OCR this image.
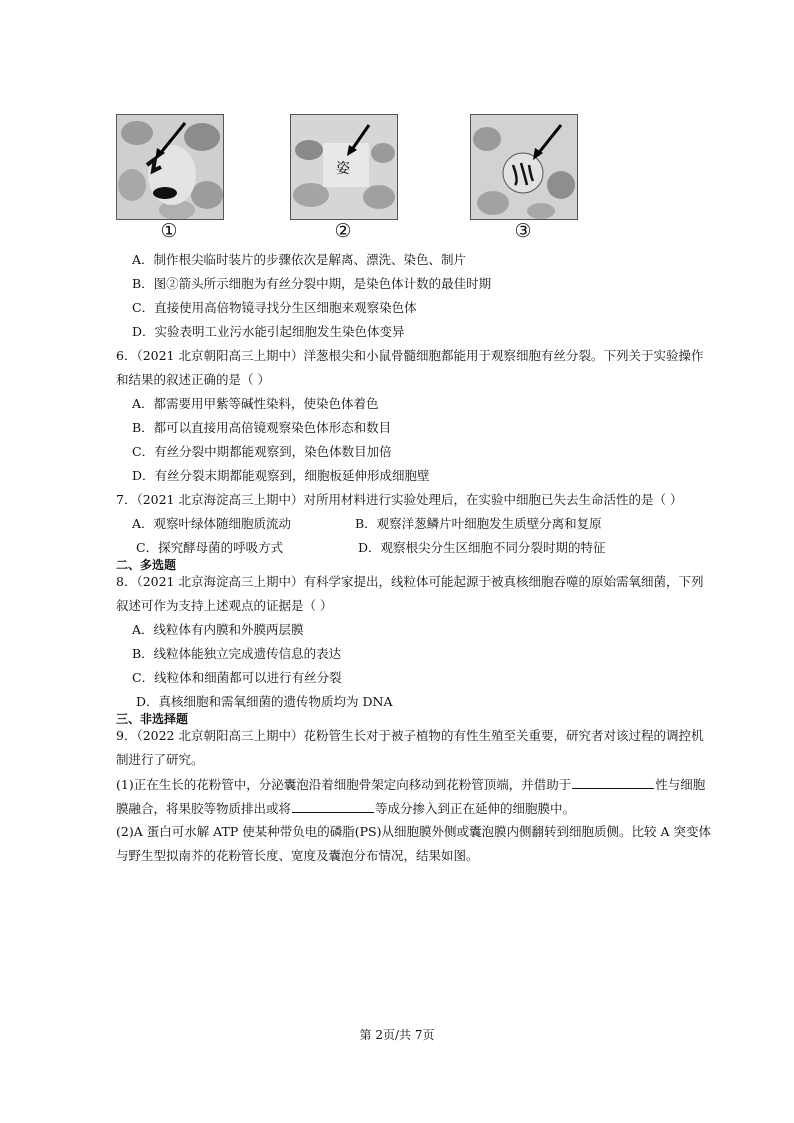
①
姿
②	③
A．制作根尖临时装片的步骤依次是解离、漂洗、染色、制片
B．图②箭头所示细胞为有丝分裂中期，是染色体计数的最佳时期
C．直接使用高倍物镜寻找分生区细胞来观察染色体
D．实验表明工业污水能引起细胞发生染色体变异
6．（2021 北京朝阳高三上期中）洋葱根尖和小鼠骨髓细胞都能用于观察细胞有丝分裂。下列关于实验操作
和结果的叙述正确的是（ ）
A．都需要用甲紫等碱性染料，使染色体着色
B．都可以直接用高倍镜观察染色体形态和数目
C．有丝分裂中期都能观察到，染色体数目加倍
D．有丝分裂末期都能观察到，细胞板延伸形成细胞壁
7．（2021 北京海淀高三上期中）对所用材料进行实验处理后，在实验中细胞已失去生命活性的是（ ）
A．观察叶绿体随细胞质流动	B．观察洋葱鳞片叶细胞发生质壁分离和复原
C．探究酵母菌的呼吸方式	D．观察根尖分生区细胞不同分裂时期的特征
二、多选题
8．（2021 北京海淀高三上期中）有科学家提出，线粒体可能起源于被真核细胞吞噬的原始需氧细菌，下列
叙述可作为支持上述观点的证据是（ ）
A．线粒体有内膜和外膜两层膜
B．线粒体能独立完成遗传信息的表达
C．线粒体和细菌都可以进行有丝分裂
D．真核细胞和需氧细菌的遗传物质均为 DNA
三、非选择题
9．（2022 北京朝阳高三上期中）花粉管生长对于被子植物的有性生殖至关重要，研究者对该过程的调控机
制进行了研究。
(1)正在生长的花粉管中，分泌囊泡沿着细胞骨架定向移动到花粉管顶端，并借助于	性与细胞
膜融合，将果胶等物质排出或将	等成分掺入到正在延伸的细胞膜中。
(2)A 蛋白可水解 ATP 使某种带负电的磷脂(PS)从细胞膜外侧或囊泡膜内侧翻转到细胞质侧。比较 A 突变体
与野生型拟南芥的花粉管长度、宽度及囊泡分布情况，结果如图。
第 2页/共 7页
